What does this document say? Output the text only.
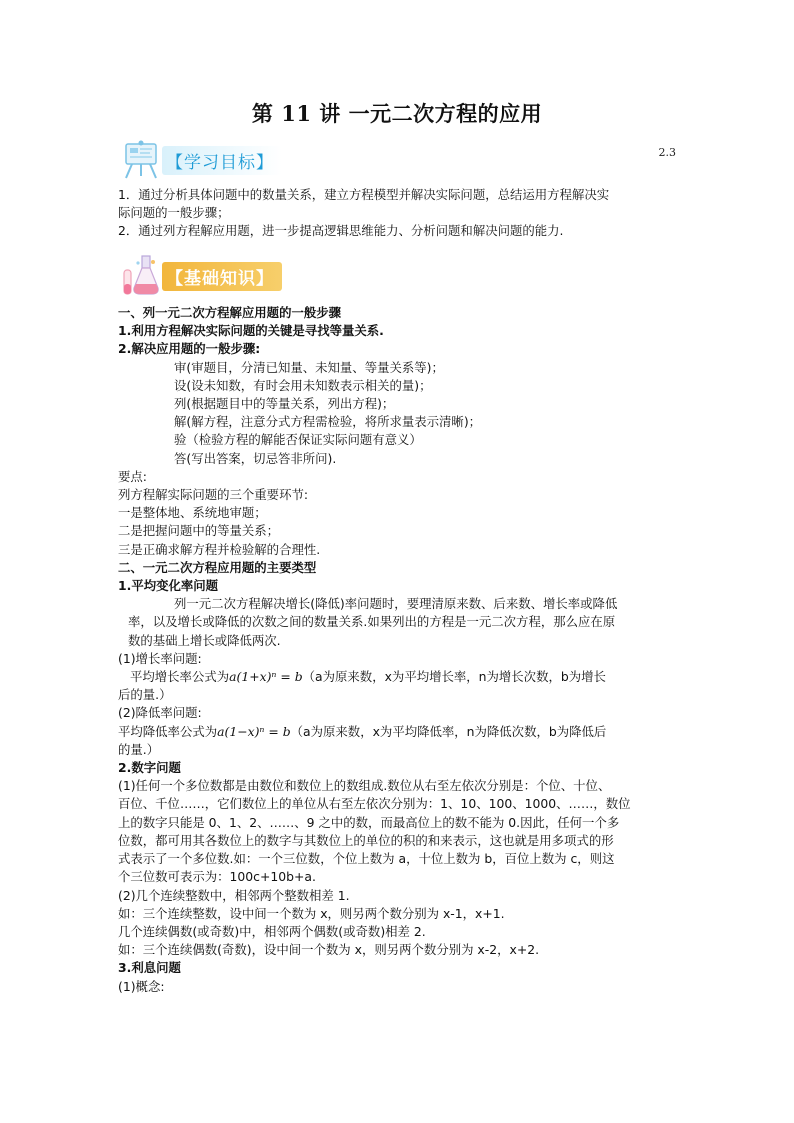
第 11 讲 一元二次方程的应用
2.3
【学习目标】
1．通过分析具体问题中的数量关系，建立方程模型并解决实际问题，总结运用方程解决实
际问题的一般步骤；
2．通过列方程解应用题，进一步提高逻辑思维能力、分析问题和解决问题的能力.
【基础知识】
一、列一元二次方程解应用题的一般步骤
1.利用方程解决实际问题的关键是寻找等量关系.
2.解决应用题的一般步骤:
审(审题目，分清已知量、未知量、等量关系等)；
设(设未知数，有时会用未知数表示相关的量)；
列(根据题目中的等量关系，列出方程)；
解(解方程，注意分式方程需检验，将所求量表示清晰)；
验（检验方程的解能否保证实际问题有意义）
答(写出答案，切忌答非所问).
要点:
列方程解实际问题的三个重要环节:
一是整体地、系统地审题；
二是把握问题中的等量关系；
三是正确求解方程并检验解的合理性.
二、一元二次方程应用题的主要类型
1.平均变化率问题
列一元二次方程解决增长(降低)率问题时，要理清原来数、后来数、增长率或降低
率，以及增长或降低的次数之间的数量关系.如果列出的方程是一元二次方程，那么应在原
数的基础上增长或降低两次.
(1)增长率问题:
平均增长率公式为a(1+x)ⁿ = b（a为原来数，x为平均增长率，n为增长次数，b为增长
后的量.）
(2)降低率问题:
平均降低率公式为a(1−x)ⁿ = b（a为原来数，x为平均降低率，n为降低次数，b为降低后
的量.）
2.数字问题
(1)任何一个多位数都是由数位和数位上的数组成.数位从右至左依次分别是：个位、十位、
百位、千位……，它们数位上的单位从右至左依次分别为：1、10、100、1000、……，数位
上的数字只能是 0、1、2、……、9 之中的数，而最高位上的数不能为 0.因此，任何一个多
位数，都可用其各数位上的数字与其数位上的单位的积的和来表示，这也就是用多项式的形
式表示了一个多位数.如：一个三位数，个位上数为 a，十位上数为 b，百位上数为 c，则这
个三位数可表示为：100c+10b+a.
(2)几个连续整数中，相邻两个整数相差 1.
如：三个连续整数，设中间一个数为 x，则另两个数分别为 x-1，x+1.
几个连续偶数(或奇数)中，相邻两个偶数(或奇数)相差 2.
如：三个连续偶数(奇数)，设中间一个数为 x，则另两个数分别为 x-2，x+2.
3.利息问题
(1)概念:
